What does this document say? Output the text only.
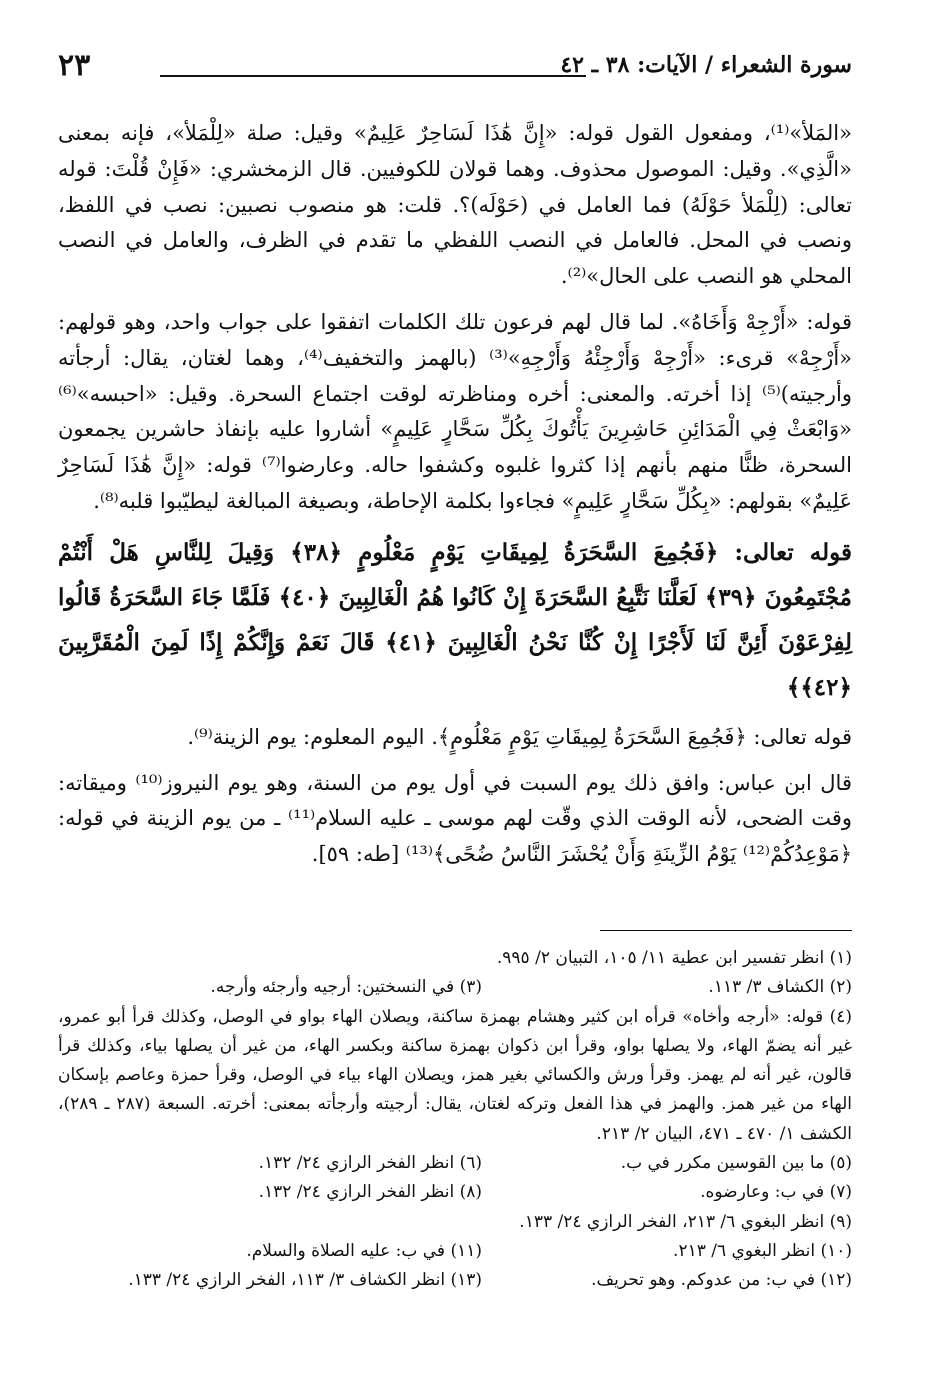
سورة الشعراء / الآيات: ٣٨ ـ ٤٢
٢٣

«المَلأ»⁽¹⁾، ومفعول القول قوله: «إِنَّ هَٰذَا لَسَاحِرٌ عَلِيمٌ» وقيل: صلة «لِلْمَلأ»، فإنه بمعنى «الَّذِي». وقيل: الموصول محذوف. وهما قولان للكوفيين. قال الزمخشري: «فَإِنْ قُلْتَ: قوله تعالى: (لِلْمَلأ حَوْلَهُ) فما العامل في (حَوْلَه)؟. قلت: هو منصوب نصبين: نصب في اللفظ، ونصب في المحل. فالعامل في النصب اللفظي ما تقدم في الظرف، والعامل في النصب المحلي هو النصب على الحال»⁽²⁾.

قوله: «أَرْجِهْ وَأَخَاهُ». لما قال لهم فرعون تلك الكلمات اتفقوا على جواب واحد، وهو قولهم: «أَرْجِهْ» قرىء: «أَرْجِهْ وَأَرْجِئْهُ وَأَرْجِهِ»⁽³⁾ (بالهمز والتخفيف⁽⁴⁾، وهما لغتان، يقال: أرجأته وأرجيته)⁽⁵⁾ إذا أخرته. والمعنى: أخره ومناظرته لوقت اجتماع السحرة. وقيل: «احبسه»⁽⁶⁾ «وَابْعَثْ فِي الْمَدَائِنِ حَاشِرِينَ يَأْتُوكَ بِكُلِّ سَحَّارٍ عَلِيمٍ» أشاروا عليه بإنفاذ حاشرين يجمعون السحرة، ظنًّا منهم بأنهم إذا كثروا غلبوه وكشفوا حاله. وعارضوا⁽⁷⁾ قوله: «إِنَّ هَٰذَا لَسَاحِرٌ عَلِيمٌ» بقولهم: «بِكُلِّ سَحَّارٍ عَلِيمٍ» فجاءوا بكلمة الإحاطة، وبصيغة المبالغة ليطيّبوا قلبه⁽⁸⁾.

قوله تعالى: ﴿فَجُمِعَ السَّحَرَةُ لِمِيقَاتِ يَوْمٍ مَعْلُومٍ ﴿٣٨﴾ وَقِيلَ لِلنَّاسِ هَلْ أَنْتُمْ مُجْتَمِعُونَ ﴿٣٩﴾ لَعَلَّنَا نَتَّبِعُ السَّحَرَةَ إِنْ كَانُوا هُمُ الْغَالِبِينَ ﴿٤٠﴾ فَلَمَّا جَاءَ السَّحَرَةُ قَالُوا لِفِرْعَوْنَ أَئِنَّ لَنَا لَأَجْرًا إِنْ كُنَّا نَحْنُ الْغَالِبِينَ ﴿٤١﴾ قَالَ نَعَمْ وَإِنَّكُمْ إِذًا لَمِنَ الْمُقَرَّبِينَ ﴿٤٢﴾﴾

قوله تعالى: ﴿فَجُمِعَ السَّحَرَةُ لِمِيقَاتِ يَوْمٍ مَعْلُومٍ﴾. اليوم المعلوم: يوم الزينة⁽⁹⁾.

قال ابن عباس: وافق ذلك يوم السبت في أول يوم من السنة، وهو يوم النيروز⁽¹⁰⁾ وميقاته: وقت الضحى، لأنه الوقت الذي وقّت لهم موسى ـ عليه السلام⁽¹¹⁾ ـ من يوم الزينة في قوله: ﴿مَوْعِدُكُمْ⁽¹²⁾ يَوْمُ الزِّينَةِ وَأَنْ يُحْشَرَ النَّاسُ ضُحًى﴾⁽¹³⁾ [طه: ٥٩].

(١) انظر تفسير ابن عطية ١١/ ١٠٥، التبيان ٢/ ٩٩٥.

(٢) الكشاف ٣/ ١١٣.
(٣) في النسختين: أرجيه وأرجئه وأرجه.

(٤) قوله: «أرجه وأخاه» قرأه ابن كثير وهشام بهمزة ساكنة، ويصلان الهاء بواو في الوصل، وكذلك قرأ أبو عمرو، غير أنه يضمّ الهاء، ولا يصلها بواو، وقرأ ابن ذكوان بهمزة ساكنة وبكسر الهاء، من غير أن يصلها بياء، وكذلك قرأ قالون، غير أنه لم يهمز. وقرأ ورش والكسائي بغير همز، ويصلان الهاء بياء في الوصل، وقرأ حمزة وعاصم بإسكان الهاء من غير همز. والهمز في هذا الفعل وتركه لغتان، يقال: أرجيته وأرجأته بمعنى: أخرته. السبعة (٢٨٧ ـ ٢٨٩)، الكشف ١/ ٤٧٠ ـ ٤٧١، البيان ٢/ ٢١٣.

(٥) ما بين القوسين مكرر في ب.
(٦) انظر الفخر الرازي ٢٤/ ١٣٢.
(٧) في ب: وعارضوه.
(٨) انظر الفخر الرازي ٢٤/ ١٣٢.

(٩) انظر البغوي ٦/ ٢١٣، الفخر الرازي ٢٤/ ١٣٣.

(١٠) انظر البغوي ٦/ ٢١٣.
(١١) في ب: عليه الصلاة والسلام.
(١٢) في ب: من عدوكم. وهو تحريف.
(١٣) انظر الكشاف ٣/ ١١٣، الفخر الرازي ٢٤/ ١٣٣.
